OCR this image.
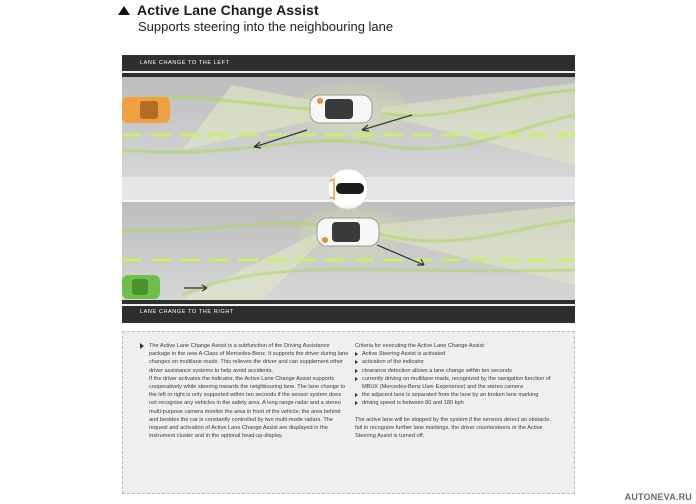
Active Lane Change Assist
Supports steering into the neighbouring lane
LANE CHANGE TO THE LEFT
LANE CHANGE TO THE RIGHT

The Active Lane Change Assist is a subfunction of the Driving Assistance package in the new A-Class of Mercedes-Benz. It supports the driver during lane changes on multilane roads. This relieves the driver and can supplement other driver assistance systems to help avoid accidents.

If the driver activates the indicator, the Active Lane Change Assist supports cooperatively while steering towards the neighbouring lane. The lane change to the left or right is only supported within ten seconds if the sensor system does not recognise any vehicles in the safety area. A long range radar and a stereo multi-purpose camera monitor the area in front of the vehicle; the area behind and besides the car is constantly controlled by two multi-mode radars. The request and activation of Active Lane Change Assist are displayed in the instrument cluster and in the optional head-up-display.

Criteria for executing the Active Lane Change Assist:

Active Steering Assist is activated
activation of the indicator
clearance detection allows a lane change within ten seconds
currently driving on multilane roads, recognized by the navigation function of MBUX (Mercedes-Benz User Experience) and the stereo camera
the adjacent lane is separated from the lane by an broken lane marking
driving speed is between 80 and 180 kph

The active lane will be stopped by the system if the sensors detect an obstacle, fail to recognize further lane markings, the driver countersteers or the Active Steering Assist is turned off.

AUTONEVA.RU
